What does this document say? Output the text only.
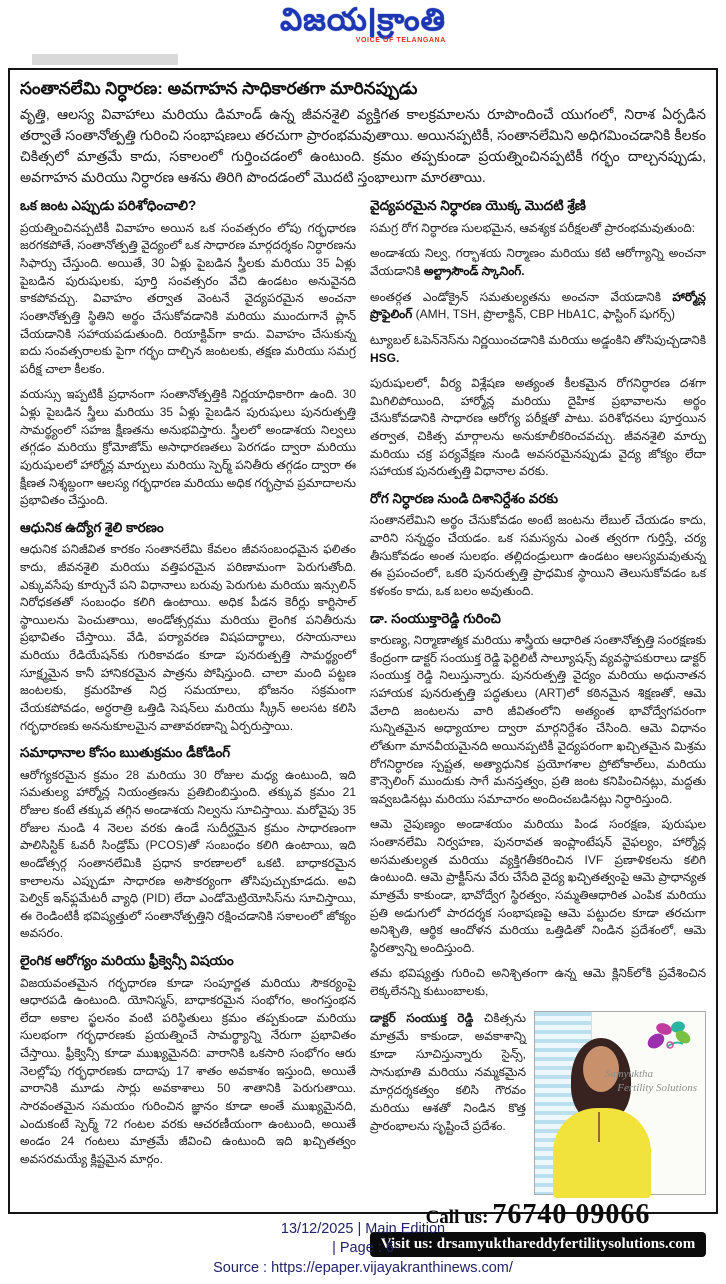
విజయ|క్రాంతి
VOICE OF TELANGANA
సంతానలేమి నిర్ధారణ: అవగాహన సాధికారతగా మారినప్పుడు
వృత్తి, ఆలస్య వివాహాలు మరియు డిమాండ్ ఉన్న జీవనశైలి వ్యక్తిగత కాలక్రమాలను రూపొందించే యుగంలో, నిరాశ ఏర్పడిన తర్వాతే సంతానోత్పత్తి గురించి సంభాషణలు తరచుగా ప్రారంభమవుతాయి. అయినప్పటికీ, సంతానలేమిని అధిగమించడానికి కీలకం చికిత్సలో మాత్రమే కాదు, సకాలంలో గుర్తించడంలో ఉంటుంది. క్రమం తప్పకుండా ప్రయత్నించినప్పటికీ గర్భం దాల్చనప్పుడు, అవగాహన మరియు నిర్ధారణ ఆశను తిరిగి పొందడంలో మొదటి స్తంభాలుగా మారతాయి.
ఒక జంట ఎప్పుడు పరిశోధించాలి?

ప్రయత్నించినప్పటికీ వివాహం అయిన ఒక సంవత్సరం లోపు గర్భధారణ జరగకపోతే, సంతానోత్పత్తి వైద్యంలో ఒక సాధారణ మార్గదర్శకం నిర్ధారణను సిఫార్సు చేస్తుంది. అయితే, 30 ఏళ్లు పైబడిన స్త్రీలకు మరియు 35 ఏళ్లు పైబడిన పురుషులకు, పూర్తి సంవత్సరం వేచి ఉండటం అనువైనది కాకపోవచ్చు. వివాహం తర్వాత వెంటనే వైద్యపరమైన అంచనా సంతానోత్పత్తి స్థితిని అర్థం చేసుకోవడానికి మరియు ముందుగానే ప్లాన్ చేయడానికి సహాయపడుతుంది. రియాక్టివ్‌గా కాదు. వివాహం చేసుకున్న ఐదు సంవత్సరాలకు పైగా గర్భం దాల్చిన జంటలకు, తక్షణ మరియు సమగ్ర పరీక్ష చాలా కీలకం.

వయస్సు ఇప్పటికీ ప్రధానంగా సంతానోత్పత్తికి నిర్ణయాధికారిగా ఉంది. 30 ఏళ్లు పైబడిన స్త్రీలు మరియు 35 ఏళ్లు పైబడిన పురుషులు పునరుత్పత్తి సామర్థ్యంలో సహజ క్షీణతను అనుభవిస్తారు. స్త్రీలలో అండాశయ నిల్వలు తగ్గడం మరియు క్రోమోజోమ్ అసాధారణతలు పెరగడం ద్వారా మరియు పురుషులలో హార్మోన్ల మార్పులు మరియు స్పెర్మ్ పనితీరు తగ్గడం ద్వారా ఈ క్షీణత నిశ్శబ్దంగా ఆలస్య గర్భధారణ మరియు అధిక గర్భస్రావ ప్రమాదాలను ప్రభావితం చేస్తుంది.

ఆధునిక ఉద్యోగ శైలి కారణం

ఆధునిక పనిజీవిత కారకం సంతానలేమి కేవలం జీవసంబంధమైన ఫలితం కాదు, జీవనశైలి మరియు వత్తిపరమైన పరిణామంగా పెరుగుతోంది. ఎక్కువసేపు కూర్చునే పని విధానాలు బరువు పెరుగుట మరియు ఇన్సులిన్ నిరోధకతతో సంబంధం కలిగి ఉంటాయి. అధిక పీడన కెరీర్లు కార్టిసాల్ స్థాయిలను పెంచుతాయి, అండోత్సర్గము మరియు లైంగిక పనితీరును ప్రభావితం చేస్తాయి. వేడి, పర్యావరణ విషపదార్థాలు, రసాయనాలు మరియు రేడియేషన్‌కు గురికావడం కూడా పునరుత్పత్తి సామర్థ్యంలో సూక్ష్మమైన కానీ హానికరమైన పాత్రను పోషిస్తుంది. చాలా మంది పట్టణ జంటలకు, క్రమరహిత నిద్ర సమయాలు, భోజనం సక్రమంగా చేయకపోవడం, అర్ధరాత్రి ఒత్తిడి సెషన్‌లు మరియు స్క్రీన్ అలసట కలిసి గర్భధారణకు అననుకూలమైన వాతావరణాన్ని ఏర్పరుస్తాయి.

సమాధానాల కోసం ఋతుక్రమం డీకోడింగ్

ఆరోగ్యకరమైన క్రమం 28 మరియు 30 రోజుల మధ్య ఉంటుంది, ఇది సమతుల్య హార్మోన్ల నియంత్రణను ప్రతిబింబిస్తుంది. తక్కువ క్రమం 21 రోజుల కంటే తక్కువ తగ్గిన అండాశయ నిల్వను సూచిస్తాయి. మరోవైపు 35 రోజుల నుండి 4 నెలల వరకు ఉండే సుదీర్ఘమైన క్రమం సాధారణంగా పాలిసిస్టిక్ ఓవరీ సిండ్రోమ్ (PCOS)తో సంబంధం కలిగి ఉంటాయి, ఇది అండోత్సర్గ సంతానలేమికి ప్రధాన కారణాలలో ఒకటి. బాధాకరమైన కాలాలను ఎప్పుడూ సాధారణ అసౌకర్యంగా తోసిపుచ్చుకూడదు. అవి పెల్విక్ ఇన్‌ఫ్లమేటరీ వ్యాధి (PID) లేదా ఎండోమెట్రియోసిస్‌ను సూచిస్తాయి, ఈ రెండింటికీ భవిష్యత్తులో సంతానోత్పత్తిని రక్షించడానికి సకాలంలో జోక్యం అవసరం.

లైంగిక ఆరోగ్యం మరియు ఫ్రీక్వెన్సీ విషయం

విజయవంతమైన గర్భధారణ కూడా సంపూర్ణత మరియు సౌకర్యంపై ఆధారపడి ఉంటుంది. యోనిస్మస్, బాధాకరమైన సంభోగం, అంగస్తంభన లేదా అకాల స్ఖలనం వంటి పరిస్థితులు క్రమం తప్పకుండా మరియు సులభంగా గర్భధారణకు ప్రయత్నించే సామర్థ్యాన్ని నేరుగా ప్రభావితం చేస్తాయి. ఫ్రీక్వెన్సీ కూడా ముఖ్యమైనది: వారానికి ఒకసారి సంభోగం ఆరు నెలల్లోపు గర్భధారణకు దాదాపు 17 శాతం అవకాశం ఇస్తుంది, అయితే వారానికి మూడు సార్లు అవకాశాలు 50 శాతానికి పెరుగుతాయి. సారవంతమైన సమయం గురించిన జ్ఞానం కూడా అంతే ముఖ్యమైనది, ఎందుకంటే స్పెర్మ్ 72 గంటల వరకు ఆచరణీయంగా ఉంటుంది, అయితే అండం 24 గంటలు మాత్రమే జీవించి ఉంటుంది ఇది ఖచ్చితత్వం అవసరమయ్యే క్లిష్టమైన మార్గం.

వైద్యపరమైన నిర్ధారణ యొక్క మొదటి శ్రేణి

సమగ్ర రోగ నిర్ధారణ సులభమైన, ఆవశ్యక పరీక్షలతో ప్రారంభమవుతుంది:

అండాశయ నిల్వ, గర్భాశయ నిర్మాణం మరియు కటి ఆరోగ్యాన్ని అంచనా వేయడానికి అల్ట్రాసౌండ్ స్కానింగ్.

అంతర్గత ఎండోక్రైన్ సమతుల్యతను అంచనా వేయడానికి హార్మోన్ల ప్రొఫైలింగ్ (AMH, TSH, ప్రొలాక్టిన్, CBP HbA1C, ఫాస్టింగ్ షుగర్స్)

ట్యూబల్ ఓపెన్‌నెస్‌ను నిర్ణయించడానికి మరియు అడ్డంకిని తోసిపుచ్చడానికి HSG.

పురుషులలో, వీర్య విశ్లేషణ అత్యంత కీలకమైన రోగనిర్ధారణ దశగా మిగిలిపోయింది, హార్మోన్ల మరియు దైహిక ప్రభావాలను అర్థం చేసుకోవడానికి సాధారణ ఆరోగ్య పరీక్షతో పాటు. పరిశోధనలు పూర్తయిన తర్వాత, చికిత్స మార్గాలను అనుకూలీకరించవచ్చు. జీవనశైలి మార్పు మరియు చక్ర పర్యవేక్షణ నుండి అవసరమైనప్పుడు వైద్య జోక్యం లేదా సహాయక పునరుత్పత్తి విధానాల వరకు.

రోగ నిర్ధారణ నుండి దిశానిర్దేశం వరకు

సంతానలేమిని అర్థం చేసుకోవడం అంటే జంటను లేబుల్ చేయడం కాదు, వారిని సన్నద్ధం చేయడం. ఒక సమస్యను ఎంత త్వరగా గుర్తిస్తే, చర్య తీసుకోవడం అంత సులభం. తల్లిదండ్రులుగా ఉండటం ఆలస్యమవుతున్న ఈ ప్రపంచంలో, ఒకరి పునరుత్పత్తి ప్రాధమిక స్థాయిని తెలుసుకోవడం ఒక కళంకం కాదు, ఒక బలం అవుతుంది.

డా. సంయుక్తారెడ్డి గురించి

కారుణ్య, నిర్మాణాత్మక మరియు శాస్త్రీయ ఆధారిత సంతానోత్పత్తి సంరక్షణకు కేంద్రంగా డాక్టర్ సంయుక్త రెడ్డి ఫెర్టిలిటీ సాల్యూషన్స్ వ్యవస్థాపకురాలు డాక్టర్ సంయుక్త రెడ్డి నిలుస్తున్నారు. పునరుత్పత్తి వైద్యం మరియు అధునాతన సహాయక పునరుత్పత్తి పద్ధతులు (ART)లో కఠినమైన శిక్షణతో, ఆమె వేలాది జంటలను వారి జీవితంలోని అత్యంత భావోద్వేగపరంగా సున్నితమైన అధ్యాయాల ద్వారా మార్గనిర్దేశం చేసింది. ఆమె విధానం లోతుగా మానవీయమైనది అయినప్పటికీ వైద్యపరంగా ఖచ్చితమైన మిశ్రమ రోగనిర్ధారణ స్పష్టత, అత్యాధునిక ప్రయోగశాల ప్రోటోకాల్‌లు, మరియు కౌన్సెలింగ్ ముందుకు సాగే మనస్తత్వం, ప్రతి జంట కనిపించినట్లు, మద్దతు ఇవ్వబడినట్లు మరియు సమాచారం అందించబడినట్లు నిర్ధారిస్తుంది.

ఆమె నైపుణ్యం అండాశయం మరియు పిండ సంరక్షణ, పురుషుల సంతానలేమి నిర్వహణ, పునరావత ఇంప్లాంటేషన్ వైఫల్యం, హార్మోన్ల అసమతుల్యత మరియు వ్యక్తిగతీకరించిన IVF ప్రణాళికలను కలిగి ఉంటుంది. ఆమె ప్రాక్టీస్‌ను వేరు చేసేది వైద్య ఖచ్చితత్వంపై ఆమె ప్రాధాన్యత మాత్రమే కాకుండా, భావోద్వేగ స్థిరత్వం, సమ్మతిఆధారిత ఎంపిక మరియు ప్రతి అడుగులో పారదర్శక సంభాషణపై ఆమె పట్టుదల కూడా తరచుగా అనిశ్చితి, ఆర్థిక ఆందోళన మరియు ఒత్తిడితో నిండిన ప్రదేశంలో, ఆమె స్థిరత్వాన్ని అందిస్తుంది.

తమ భవిష్యత్తు గురించి అనిశ్చితంగా ఉన్న ఆమె క్లినిక్‌లోకి ప్రవేశించిన లెక్కలేనన్ని కుటుంబాలకు,

Samyuktha
Fertility Solutions

డాక్టర్ సంయుక్త రెడ్డి చికిత్సను మాత్రమే కాకుండా, అవకాశాన్ని కూడా సూచిస్తున్నారు సైన్స్, సానుభూతి మరియు నమ్మకమైన మార్గదర్శకత్వం కలిసి గౌరవం మరియు ఆశతో నిండిన కొత్త ప్రారంభాలను సృష్టించే ప్రదేశం.

Call us: 76740 09066
Visit us: drsamyukthareddyfertilitysolutions.com
13/12/2025 | Main Edition
| Page : 6
Source : https://epaper.vijayakranthinews.com/
